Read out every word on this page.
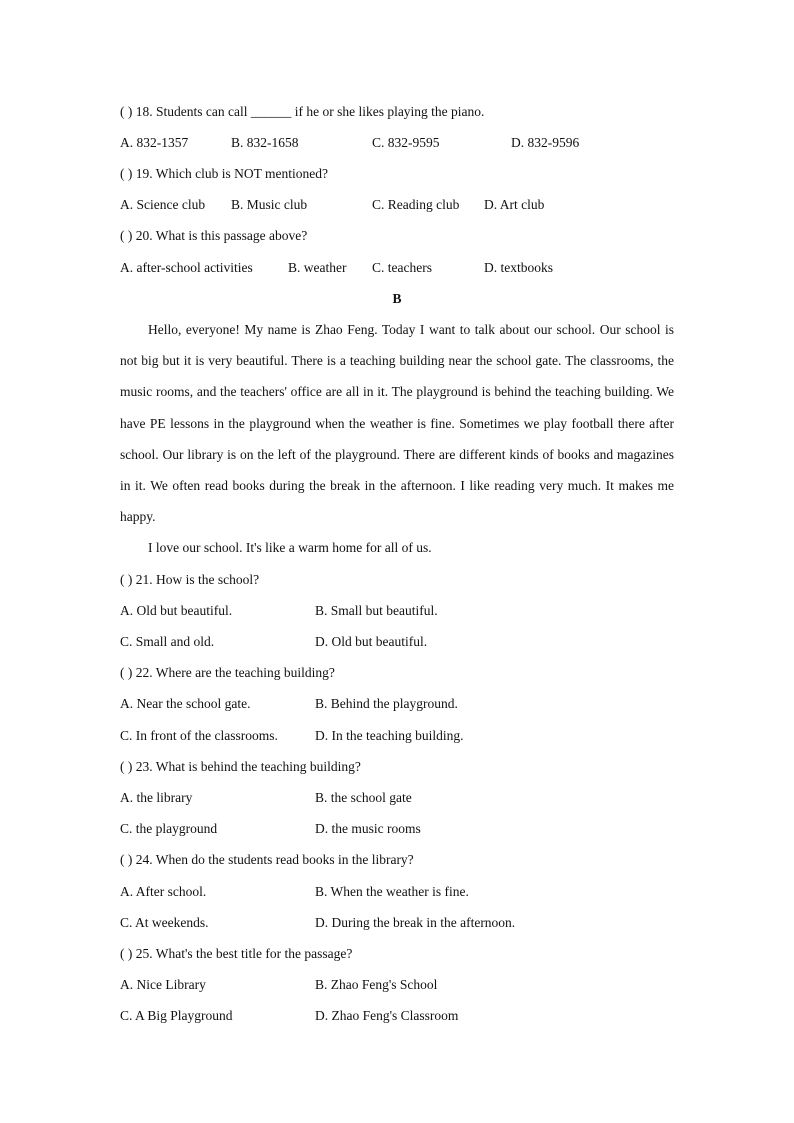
( ) 18. Students can call ______ if he or she likes playing the piano.
A. 832-1357	B. 832-1658	C. 832-9595	D. 832-9596
( ) 19. Which club is NOT mentioned?
A. Science club B. Music club	C. Reading club D. Art club
( ) 20. What is this passage above?
A. after-school activities	B. weather C. teachers	D. textbooks
B

Hello, everyone! My name is Zhao Feng. Today I want to talk about our school. Our school is not big but it is very beautiful. There is a teaching building near the school gate. The classrooms, the music rooms, and the teachers' office are all in it. The playground is behind the teaching building. We have PE lessons in the playground when the weather is fine. Sometimes we play football there after school. Our library is on the left of the playground. There are different kinds of books and magazines in it. We often read books during the break in the afternoon. I like reading very much. It makes me happy.

I love our school. It's like a warm home for all of us.

( ) 21. How is the school?
A. Old but beautiful.	B. Small but beautiful.
C. Small and old.	D. Old but beautiful.
( ) 22. Where are the teaching building?
A. Near the school gate.	B. Behind the playground.
C. In front of the classrooms.	D. In the teaching building.
( ) 23. What is behind the teaching building?
A. the library	B. the school gate
C. the playground	D. the music rooms
( ) 24. When do the students read books in the library?
A. After school.	B. When the weather is fine.
C. At weekends.	D. During the break in the afternoon.
( ) 25. What's the best title for the passage?
A. Nice Library	B. Zhao Feng's School
C. A Big Playground	D. Zhao Feng's Classroom
